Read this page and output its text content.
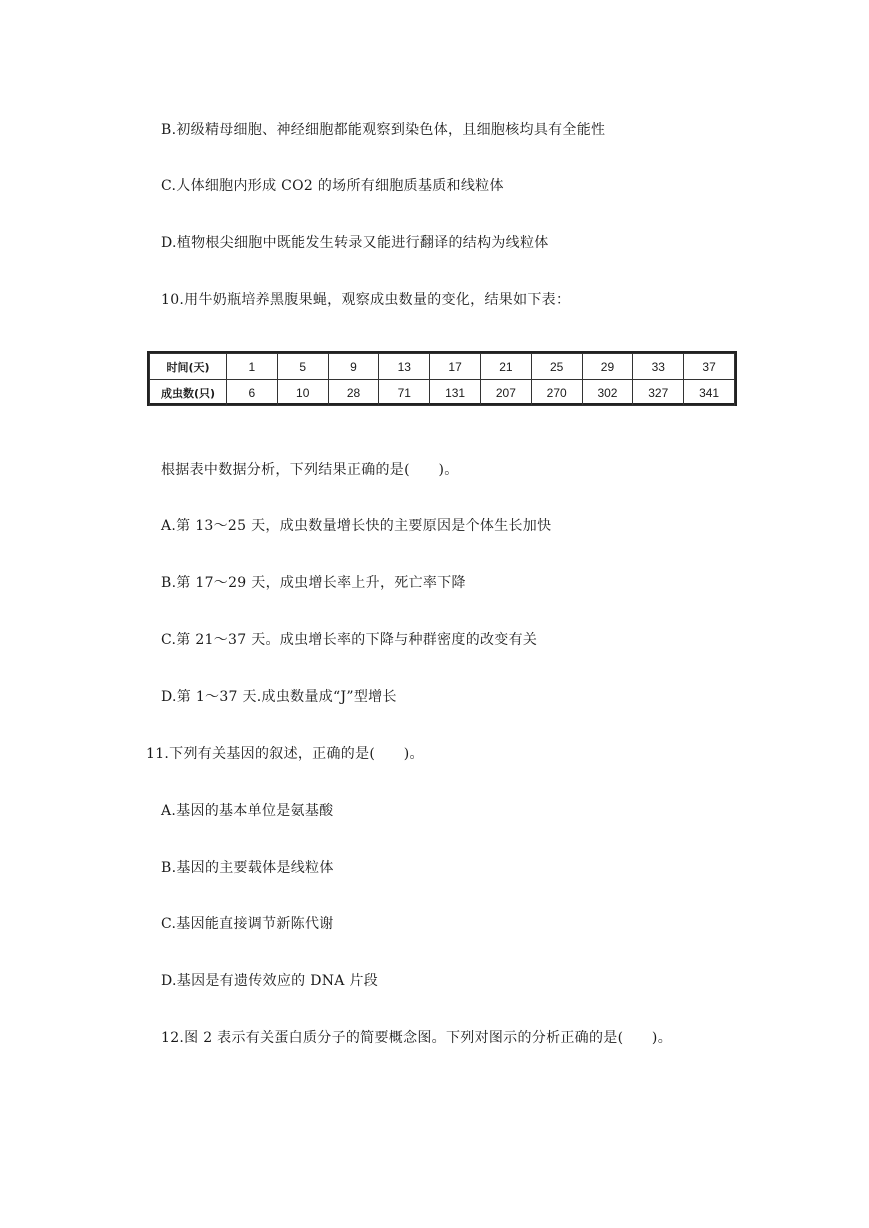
B.初级精母细胞、神经细胞都能观察到染色体，且细胞核均具有全能性
C.人体细胞内形成 CO2 的场所有细胞质基质和线粒体
D.植物根尖细胞中既能发生转录又能进行翻译的结构为线粒体
10.用牛奶瓶培养黑腹果蝇，观察成虫数量的变化，结果如下表：
时间(天)	1	5	9	13	17	21	25	29	33	37
成虫数(只)	6	10	28	71	131	207	270	302	327	341
根据表中数据分析，下列结果正确的是(　　)。
A.第 13～25 天，成虫数量增长快的主要原因是个体生长加快
B.第 17～29 天，成虫增长率上升，死亡率下降
C.第 21～37 天。成虫增长率的下降与种群密度的改变有关
D.第 1～37 天.成虫数量成“J”型增长
11.下列有关基因的叙述，正确的是(　　)。
A.基因的基本单位是氨基酸
B.基因的主要载体是线粒体
C.基因能直接调节新陈代谢
D.基因是有遗传效应的 DNA 片段
12.图 2 表示有关蛋白质分子的简要概念图。下列对图示的分析正确的是(　　)。
